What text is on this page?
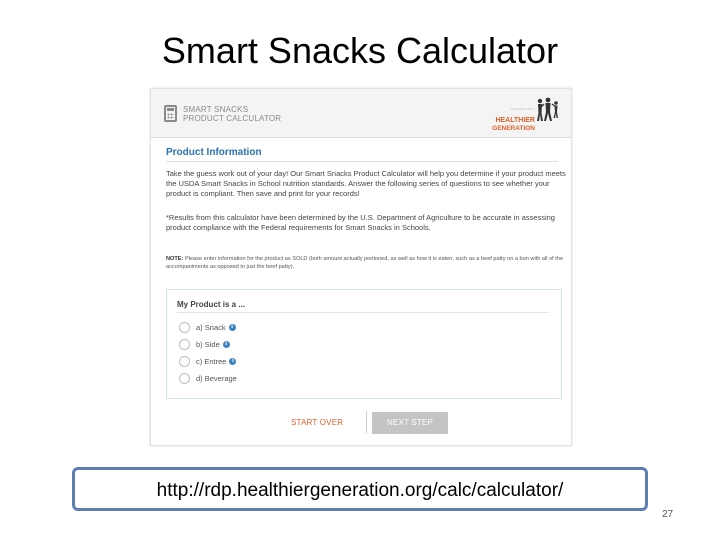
Smart Snacks Calculator
SMART SNACKS
PRODUCT CALCULATOR
ALLIANCE FOR A
HEALTHIER
GENERATION
Product Information
Take the guess work out of your day! Our Smart Snacks Product Calculator will help you determine if your product meets the USDA Smart Snacks in School nutrition standards. Answer the following series of questions to see whether your product is compliant. Then save and print for your records!
*Results from this calculator have been determined by the U.S. Department of Agriculture to be accurate in assessing product compliance with the Federal requirements for Smart Snacks in Schools.
NOTE: Please enter information for the product as SOLD (both amount actually portioned, as well as how it is eaten, such as a beef patty on a bun with all of the accompaniments as opposed to just the beef patty).
My Product is a ...
a) Snack i
b) Side i
c) Entree i
d) Beverage
START OVER	NEXT STEP
http://rdp.healthiergeneration.org/calc/calculator/
27
